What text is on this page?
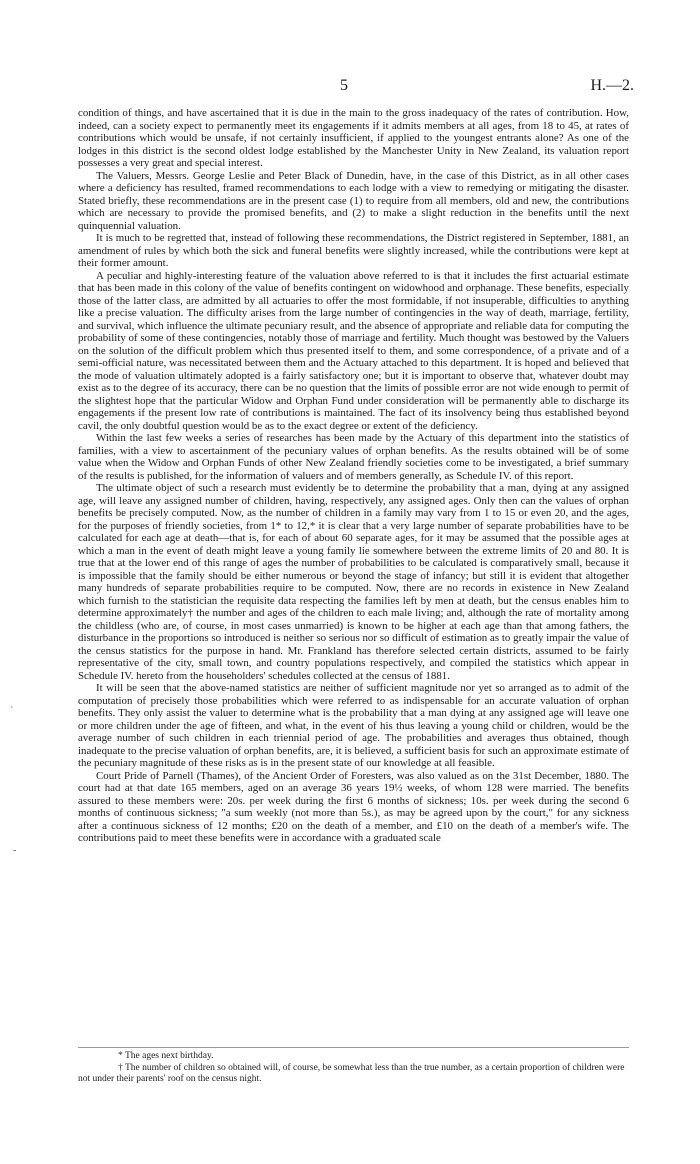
5	H.—2.

condition of things, and have ascertained that it is due in the main to the gross inadequacy of the rates of contribution. How, indeed, can a society expect to permanently meet its engagements if it admits members at all ages, from 18 to 45, at rates of contributions which would be unsafe, if not certainly insufficient, if applied to the youngest entrants alone? As one of the lodges in this district is the second oldest lodge established by the Manchester Unity in New Zealand, its valuation report possesses a very great and special interest.

The Valuers, Messrs. George Leslie and Peter Black of Dunedin, have, in the case of this District, as in all other cases where a deficiency has resulted, framed recommendations to each lodge with a view to remedying or mitigating the disaster. Stated briefly, these recommendations are in the present case (1) to require from all members, old and new, the contributions which are necessary to provide the promised benefits, and (2) to make a slight reduction in the benefits until the next quinquennial valuation.

It is much to be regretted that, instead of following these recommendations, the District registered in September, 1881, an amendment of rules by which both the sick and funeral benefits were slightly increased, while the contributions were kept at their former amount.

A peculiar and highly-interesting feature of the valuation above referred to is that it includes the first actuarial estimate that has been made in this colony of the value of benefits contingent on widowhood and orphanage. These benefits, especially those of the latter class, are admitted by all actuaries to offer the most formidable, if not insuperable, difficulties to anything like a precise valuation. The difficulty arises from the large number of contingencies in the way of death, marriage, fertility, and survival, which influence the ultimate pecuniary result, and the absence of appropriate and reliable data for computing the probability of some of these contingencies, notably those of marriage and fertility. Much thought was bestowed by the Valuers on the solution of the difficult problem which thus presented itself to them, and some correspondence, of a private and of a semi-official nature, was necessitated between them and the Actuary attached to this department. It is hoped and believed that the mode of valuation ultimately adopted is a fairly satisfactory one; but it is important to observe that, whatever doubt may exist as to the degree of its accuracy, there can be no question that the limits of possible error are not wide enough to permit of the slightest hope that the particular Widow and Orphan Fund under consideration will be permanently able to discharge its engagements if the present low rate of contributions is maintained. The fact of its insolvency being thus established beyond cavil, the only doubtful question would be as to the exact degree or extent of the deficiency.

Within the last few weeks a series of researches has been made by the Actuary of this department into the statistics of families, with a view to ascertainment of the pecuniary values of orphan benefits. As the results obtained will be of some value when the Widow and Orphan Funds of other New Zealand friendly societies come to be investigated, a brief summary of the results is published, for the information of valuers and of members generally, as Schedule IV. of this report.

The ultimate object of such a research must evidently be to determine the probability that a man, dying at any assigned age, will leave any assigned number of children, having, respectively, any assigned ages. Only then can the values of orphan benefits be precisely computed. Now, as the number of children in a family may vary from 1 to 15 or even 20, and the ages, for the purposes of friendly societies, from 1* to 12,* it is clear that a very large number of separate probabilities have to be calculated for each age at death—that is, for each of about 60 separate ages, for it may be assumed that the possible ages at which a man in the event of death might leave a young family lie somewhere between the extreme limits of 20 and 80. It is true that at the lower end of this range of ages the number of probabilities to be calculated is comparatively small, because it is impossible that the family should be either numerous or beyond the stage of infancy; but still it is evident that altogether many hundreds of separate probabilities require to be computed. Now, there are no records in existence in New Zealand which furnish to the statistician the requisite data respecting the families left by men at death, but the census enables him to determine approximately† the number and ages of the children to each male living; and, although the rate of mortality among the childless (who are, of course, in most cases unmarried) is known to be higher at each age than that among fathers, the disturbance in the proportions so introduced is neither so serious nor so difficult of estimation as to greatly impair the value of the census statistics for the purpose in hand. Mr. Frankland has therefore selected certain districts, assumed to be fairly representative of the city, small town, and country populations respectively, and compiled the statistics which appear in Schedule IV. hereto from the householders' schedules collected at the census of 1881.

It will be seen that the above-named statistics are neither of sufficient magnitude nor yet so arranged as to admit of the computation of precisely those probabilities which were referred to as indispensable for an accurate valuation of orphan benefits. They only assist the valuer to determine what is the probability that a man dying at any assigned age will leave one or more children under the age of fifteen, and what, in the event of his thus leaving a young child or children, would be the average number of such children in each triennial period of age. The probabilities and averages thus obtained, though inadequate to the precise valuation of orphan benefits, are, it is believed, a sufficient basis for such an approximate estimate of the pecuniary magnitude of these risks as is in the present state of our knowledge at all feasible.

Court Pride of Parnell (Thames), of the Ancient Order of Foresters, was also valued as on the 31st December, 1880. The court had at that date 165 members, aged on an average 36 years 19½ weeks, of whom 128 were married. The benefits assured to these members were: 20s. per week during the first 6 months of sickness; 10s. per week during the second 6 months of continuous sickness; "a sum weekly (not more than 5s.), as may be agreed upon by the court," for any sickness after a continuous sickness of 12 months; £20 on the death of a member, and £10 on the death of a member's wife. The contributions paid to meet these benefits were in accordance with a graduated scale

* The ages next birthday.

† The number of children so obtained will, of course, be somewhat less than the true number, as a certain proportion of children were not under their parents' roof on the census night.

`
-
